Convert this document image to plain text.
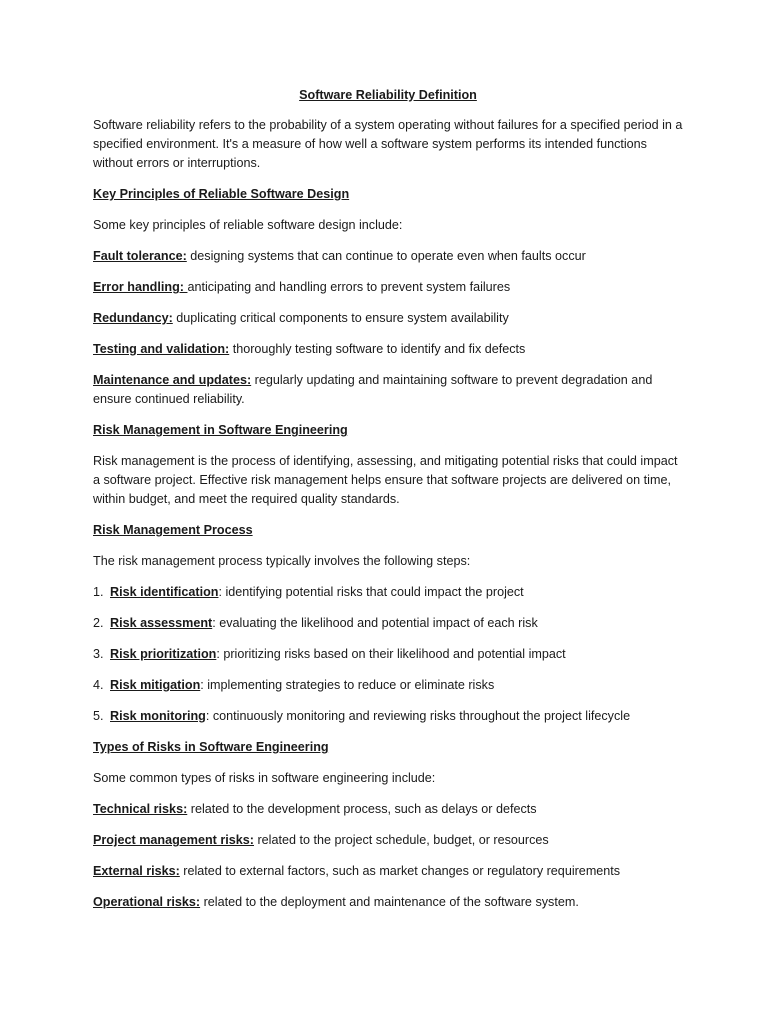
Software Reliability Definition

Software reliability refers to the probability of a system operating without failures for a specified period in a specified environment. It's a measure of how well a software system performs its intended functions without errors or interruptions.

Key Principles of Reliable Software Design

Some key principles of reliable software design include:

Fault tolerance: designing systems that can continue to operate even when faults occur

Error handling: anticipating and handling errors to prevent system failures

Redundancy: duplicating critical components to ensure system availability

Testing and validation: thoroughly testing software to identify and fix defects

Maintenance and updates: regularly updating and maintaining software to prevent degradation and ensure continued reliability.

Risk Management in Software Engineering

Risk management is the process of identifying, assessing, and mitigating potential risks that could impact a software project. Effective risk management helps ensure that software projects are delivered on time, within budget, and meet the required quality standards.

Risk Management Process

The risk management process typically involves the following steps:

1. Risk identification: identifying potential risks that could impact the project
2. Risk assessment: evaluating the likelihood and potential impact of each risk
3. Risk prioritization: prioritizing risks based on their likelihood and potential impact
4. Risk mitigation: implementing strategies to reduce or eliminate risks
5. Risk monitoring: continuously monitoring and reviewing risks throughout the project lifecycle
Types of Risks in Software Engineering

Some common types of risks in software engineering include:

Technical risks: related to the development process, such as delays or defects

Project management risks: related to the project schedule, budget, or resources

External risks: related to external factors, such as market changes or regulatory requirements

Operational risks: related to the deployment and maintenance of the software system.
